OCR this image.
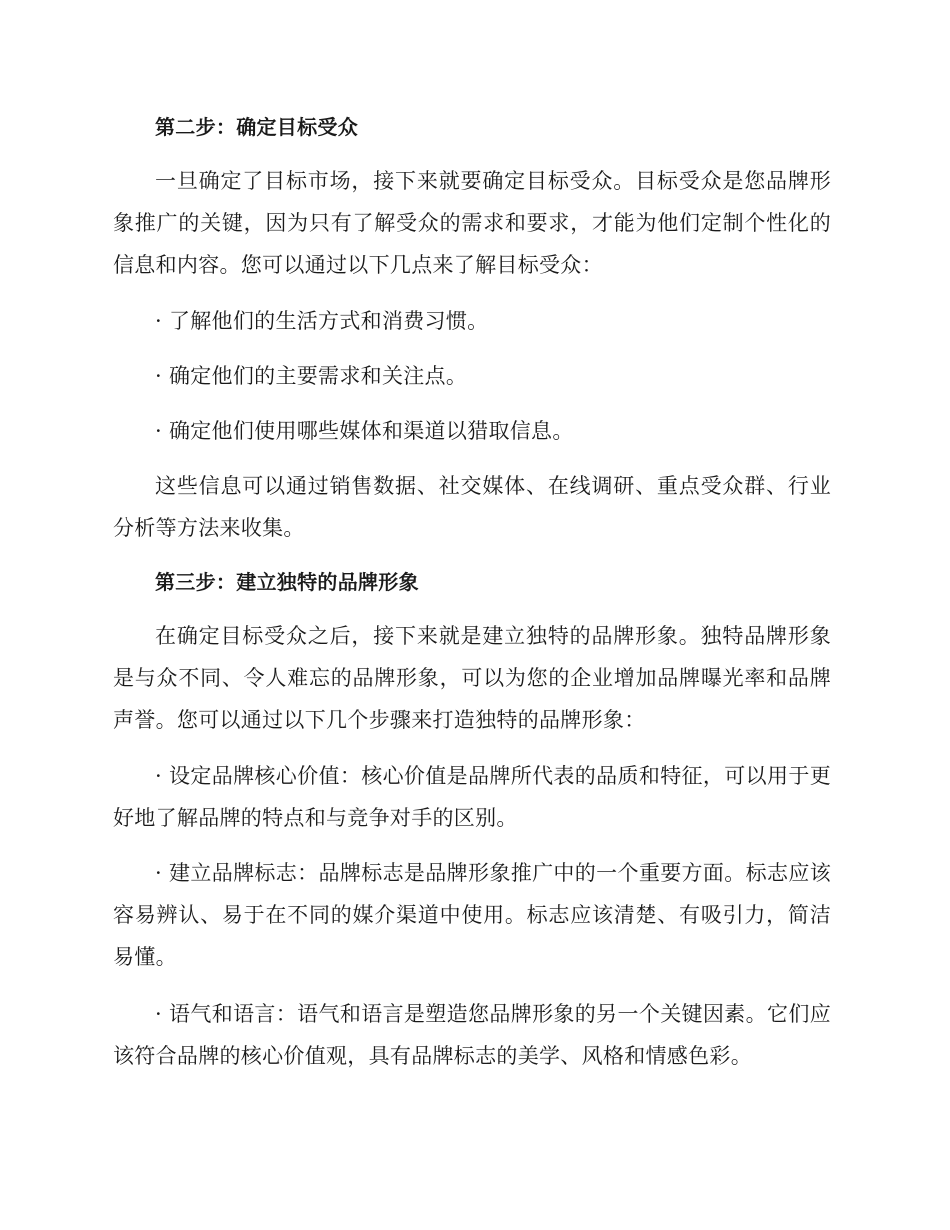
第二步：确定目标受众

一旦确定了目标市场，接下来就要确定目标受众。目标受众是您品牌形象推广的关键，因为只有了解受众的需求和要求，才能为他们定制个性化的信息和内容。您可以通过以下几点来了解目标受众：

· 了解他们的生活方式和消费习惯。

· 确定他们的主要需求和关注点。

· 确定他们使用哪些媒体和渠道以猎取信息。

这些信息可以通过销售数据、社交媒体、在线调研、重点受众群、行业分析等方法来收集。

第三步：建立独特的品牌形象

在确定目标受众之后，接下来就是建立独特的品牌形象。独特品牌形象是与众不同、令人难忘的品牌形象，可以为您的企业增加品牌曝光率和品牌声誉。您可以通过以下几个步骤来打造独特的品牌形象：

· 设定品牌核心价值：核心价值是品牌所代表的品质和特征，可以用于更好地了解品牌的特点和与竞争对手的区别。

· 建立品牌标志：品牌标志是品牌形象推广中的一个重要方面。标志应该容易辨认、易于在不同的媒介渠道中使用。标志应该清楚、有吸引力，简洁易懂。

· 语气和语言：语气和语言是塑造您品牌形象的另一个关键因素。它们应该符合品牌的核心价值观，具有品牌标志的美学、风格和情感色彩。
